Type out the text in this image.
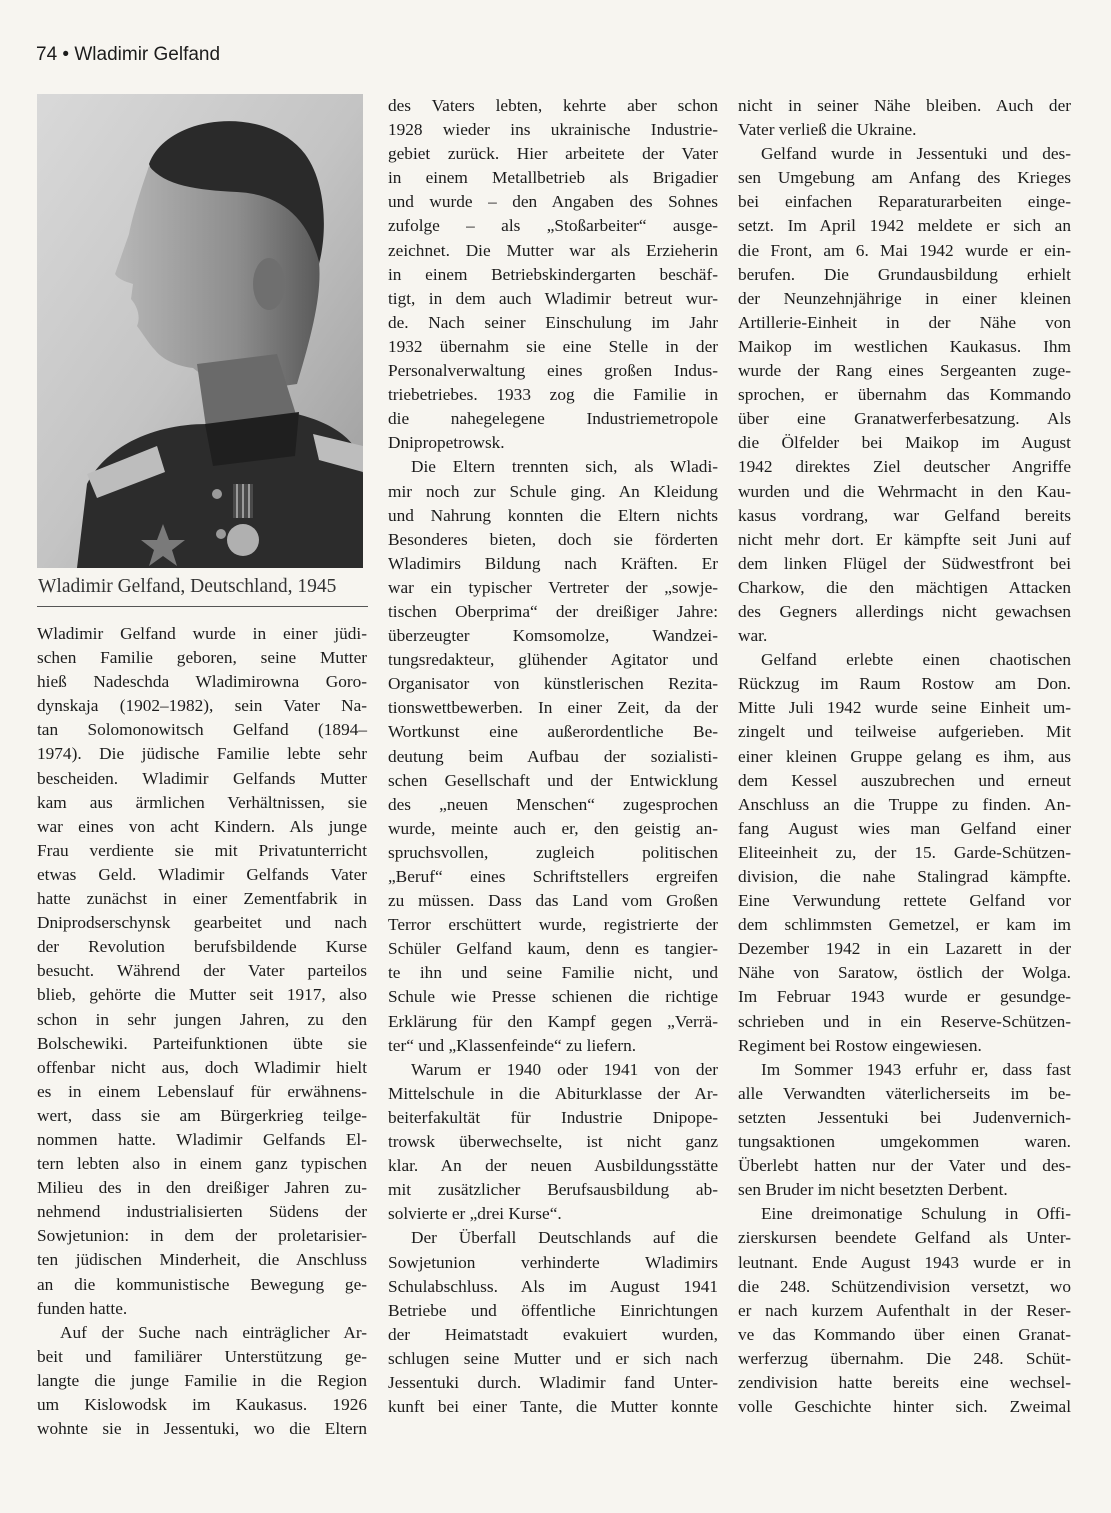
74 • Wladimir Gelfand
Wladimir Gelfand, Deutschland, 1945
Wladimir Gelfand wurde in einer jüdi-
schen Familie geboren, seine Mutter
hieß Nadeschda Wladimirowna Goro-
dynskaja (1902–1982), sein Vater Na-
tan Solomonowitsch Gelfand (1894–
1974). Die jüdische Familie lebte sehr
bescheiden. Wladimir Gelfands Mutter
kam aus ärmlichen Verhältnissen, sie
war eines von acht Kindern. Als junge
Frau verdiente sie mit Privatunterricht
etwas Geld. Wladimir Gelfands Vater
hatte zunächst in einer Zementfabrik in
Dniprodserschynsk gearbeitet und nach
der Revolution berufsbildende Kurse
besucht. Während der Vater parteilos
blieb, gehörte die Mutter seit 1917, also
schon in sehr jungen Jahren, zu den
Bolschewiki. Parteifunktionen übte sie
offenbar nicht aus, doch Wladimir hielt
es in einem Lebenslauf für erwähnens-
wert, dass sie am Bürgerkrieg teilge-
nommen hatte. Wladimir Gelfands El-
tern lebten also in einem ganz typischen
Milieu des in den dreißiger Jahren zu-
nehmend industrialisierten Südens der
Sowjetunion: in dem der proletarisier-
ten jüdischen Minderheit, die Anschluss
an die kommunistische Bewegung ge-
funden hatte.
Auf der Suche nach einträglicher Ar-
beit und familiärer Unterstützung ge-
langte die junge Familie in die Region
um Kislowodsk im Kaukasus. 1926
wohnte sie in Jessentuki, wo die Eltern
des Vaters lebten, kehrte aber schon
1928 wieder ins ukrainische Industrie-
gebiet zurück. Hier arbeitete der Vater
in einem Metallbetrieb als Brigadier
und wurde – den Angaben des Sohnes
zufolge – als „Stoßarbeiter“ ausge-
zeichnet. Die Mutter war als Erzieherin
in einem Betriebskindergarten beschäf-
tigt, in dem auch Wladimir betreut wur-
de. Nach seiner Einschulung im Jahr
1932 übernahm sie eine Stelle in der
Personalverwaltung eines großen Indus-
triebetriebes. 1933 zog die Familie in
die nahegelegene Industriemetropole
Dnipropetrowsk.
Die Eltern trennten sich, als Wladi-
mir noch zur Schule ging. An Kleidung
und Nahrung konnten die Eltern nichts
Besonderes bieten, doch sie förderten
Wladimirs Bildung nach Kräften. Er
war ein typischer Vertreter der „sowje-
tischen Oberprima“ der dreißiger Jahre:
überzeugter Komsomolze, Wandzei-
tungsredakteur, glühender Agitator und
Organisator von künstlerischen Rezita-
tionswettbewerben. In einer Zeit, da der
Wortkunst eine außerordentliche Be-
deutung beim Aufbau der sozialisti-
schen Gesellschaft und der Entwicklung
des „neuen Menschen“ zugesprochen
wurde, meinte auch er, den geistig an-
spruchsvollen, zugleich politischen
„Beruf“ eines Schriftstellers ergreifen
zu müssen. Dass das Land vom Großen
Terror erschüttert wurde, registrierte der
Schüler Gelfand kaum, denn es tangier-
te ihn und seine Familie nicht, und
Schule wie Presse schienen die richtige
Erklärung für den Kampf gegen „Verrä-
ter“ und „Klassenfeinde“ zu liefern.
Warum er 1940 oder 1941 von der
Mittelschule in die Abiturklasse der Ar-
beiterfakultät für Industrie Dnipope-
trowsk überwechselte, ist nicht ganz
klar. An der neuen Ausbildungsstätte
mit zusätzlicher Berufsausbildung ab-
solvierte er „drei Kurse“.
Der Überfall Deutschlands auf die
Sowjetunion verhinderte Wladimirs
Schulabschluss. Als im August 1941
Betriebe und öffentliche Einrichtungen
der Heimatstadt evakuiert wurden,
schlugen seine Mutter und er sich nach
Jessentuki durch. Wladimir fand Unter-
kunft bei einer Tante, die Mutter konnte
nicht in seiner Nähe bleiben. Auch der
Vater verließ die Ukraine.
Gelfand wurde in Jessentuki und des-
sen Umgebung am Anfang des Krieges
bei einfachen Reparaturarbeiten einge-
setzt. Im April 1942 meldete er sich an
die Front, am 6. Mai 1942 wurde er ein-
berufen. Die Grundausbildung erhielt
der Neunzehnjährige in einer kleinen
Artillerie-Einheit in der Nähe von
Maikop im westlichen Kaukasus. Ihm
wurde der Rang eines Sergeanten zuge-
sprochen, er übernahm das Kommando
über eine Granatwerferbesatzung. Als
die Ölfelder bei Maikop im August
1942 direktes Ziel deutscher Angriffe
wurden und die Wehrmacht in den Kau-
kasus vordrang, war Gelfand bereits
nicht mehr dort. Er kämpfte seit Juni auf
dem linken Flügel der Südwestfront bei
Charkow, die den mächtigen Attacken
des Gegners allerdings nicht gewachsen
war.
Gelfand erlebte einen chaotischen
Rückzug im Raum Rostow am Don.
Mitte Juli 1942 wurde seine Einheit um-
zingelt und teilweise aufgerieben. Mit
einer kleinen Gruppe gelang es ihm, aus
dem Kessel auszubrechen und erneut
Anschluss an die Truppe zu finden. An-
fang August wies man Gelfand einer
Eliteeinheit zu, der 15. Garde-Schützen-
division, die nahe Stalingrad kämpfte.
Eine Verwundung rettete Gelfand vor
dem schlimmsten Gemetzel, er kam im
Dezember 1942 in ein Lazarett in der
Nähe von Saratow, östlich der Wolga.
Im Februar 1943 wurde er gesundge-
schrieben und in ein Reserve-Schützen-
Regiment bei Rostow eingewiesen.
Im Sommer 1943 erfuhr er, dass fast
alle Verwandten väterlicherseits im be-
setzten Jessentuki bei Judenvernich-
tungsaktionen umgekommen waren.
Überlebt hatten nur der Vater und des-
sen Bruder im nicht besetzten Derbent.
Eine dreimonatige Schulung in Offi-
zierskursen beendete Gelfand als Unter-
leutnant. Ende August 1943 wurde er in
die 248. Schützendivision versetzt, wo
er nach kurzem Aufenthalt in der Reser-
ve das Kommando über einen Granat-
werferzug übernahm. Die 248. Schüt-
zendivision hatte bereits eine wechsel-
volle Geschichte hinter sich. Zweimal
